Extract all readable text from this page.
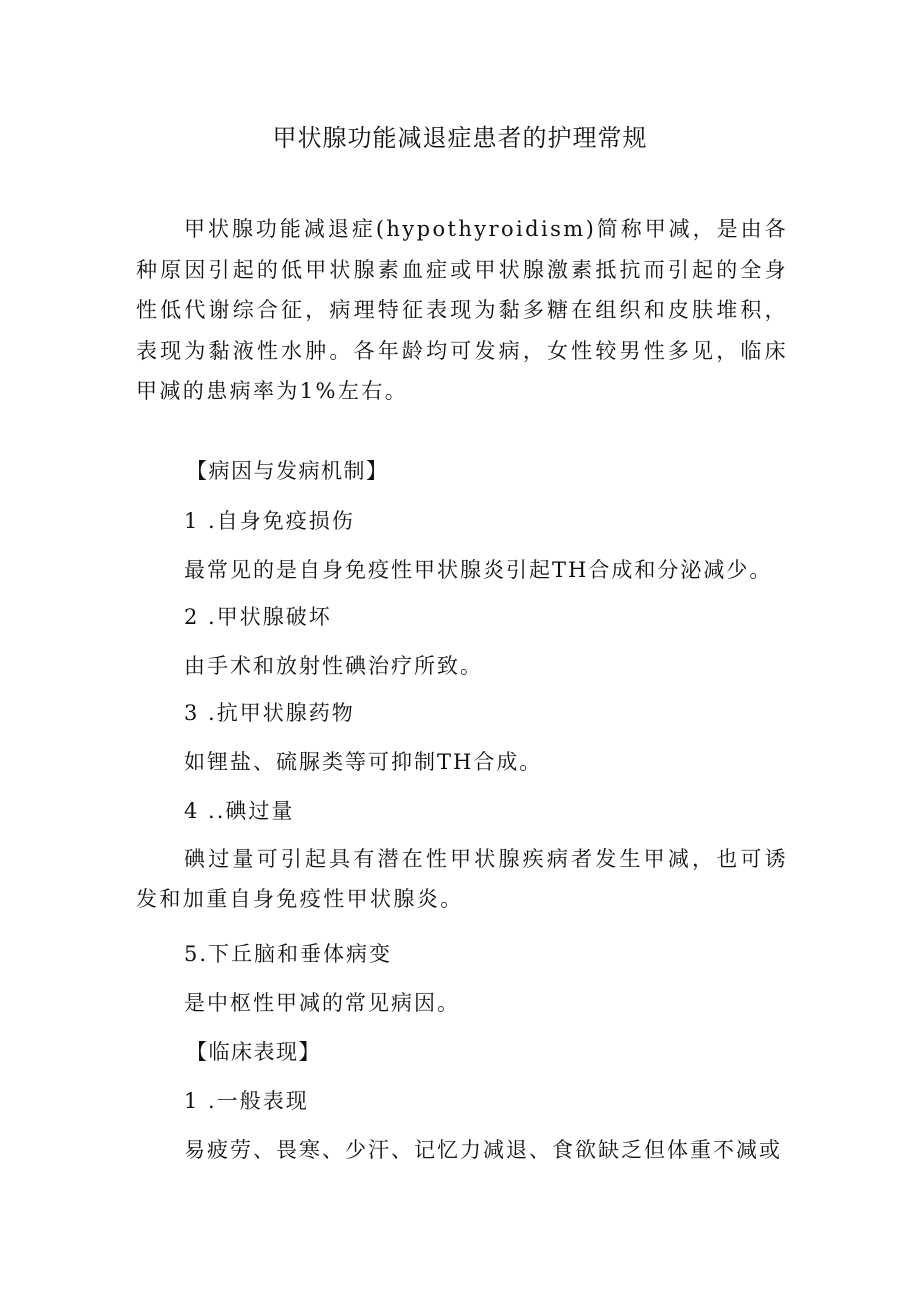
甲状腺功能减退症患者的护理常规

甲状腺功能减退症(hypothyroidism)简称甲减，是由各种原因引起的低甲状腺素血症或甲状腺激素抵抗而引起的全身性低代谢综合征，病理特征表现为黏多糖在组织和皮肤堆积，表现为黏液性水肿。各年龄均可发病，女性较男性多见，临床甲减的患病率为1%左右。

【病因与发病机制】
1 .自身免疫损伤
最常见的是自身免疫性甲状腺炎引起TH合成和分泌减少。
2 .甲状腺破坏
由手术和放射性碘治疗所致。
3 .抗甲状腺药物
如锂盐、硫脲类等可抑制TH合成。
4 ..碘过量

碘过量可引起具有潜在性甲状腺疾病者发生甲减，也可诱发和加重自身免疫性甲状腺炎。

5.下丘脑和垂体病变
是中枢性甲减的常见病因。
【临床表现】
1 .一般表现
易疲劳、畏寒、少汗、记忆力减退、食欲缺乏但体重不减或
